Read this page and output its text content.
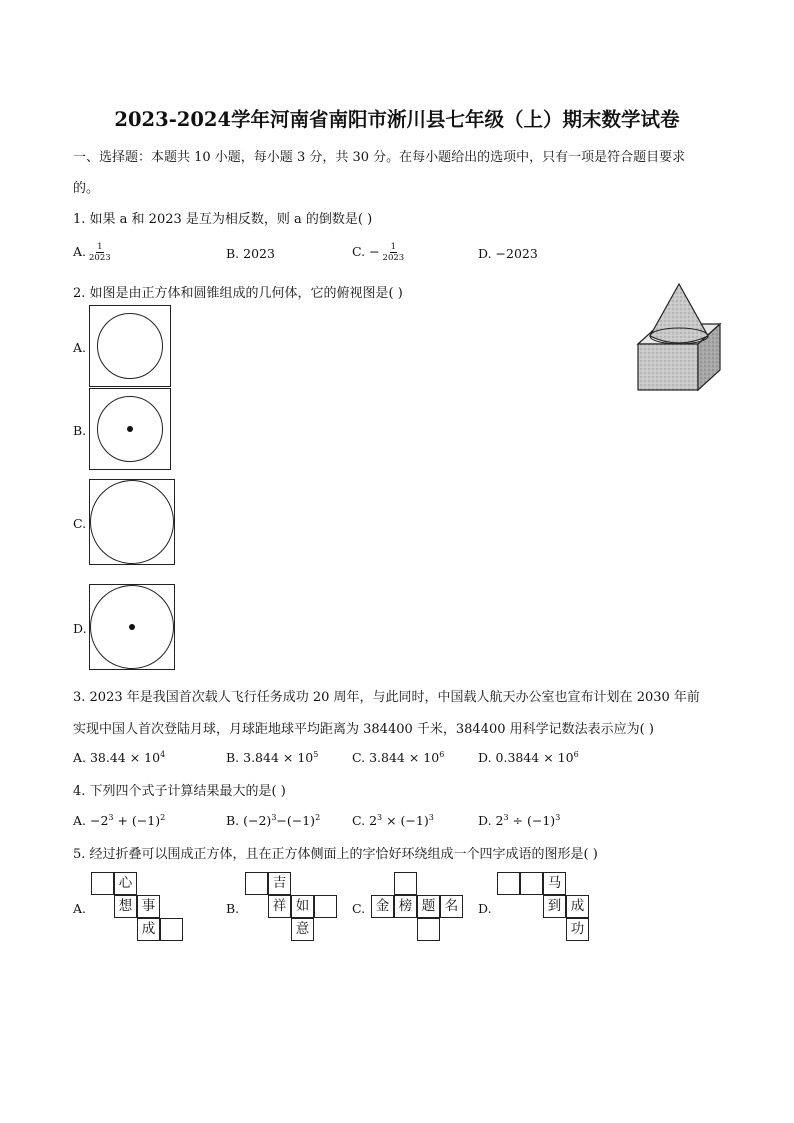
2023-2024学年河南省南阳市淅川县七年级（上）期末数学试卷
一、选择题：本题共 10 小题，每小题 3 分，共 30 分。在每小题给出的选项中，只有一项是符合题目要求
的。
1. 如果 a 和 2023 是互为相反数，则 a 的倒数是( )
A. $\frac{1}{2023}$	B. 2023	C. − $\frac{1}{2023}$	D. −2023
2. 如图是由正方体和圆锥组成的几何体，它的俯视图是( )
A.
B.
C.
D.
3. 2023 年是我国首次载人飞行任务成功 20 周年，与此同时，中国载人航天办公室也宣布计划在 2030 年前
实现中国人首次登陆月球，月球距地球平均距离为 384400 千米，384400 用科学记数法表示应为( )
A. $38.44 \times 10^4$	B. $3.844 \times 10^5$	C. $3.844 \times 10^6$	D. $0.3844 \times 10^6$
4. 下列四个式子计算结果最大的是( )
A. $-2^3 + (-1)^2$	B. $(-2)^3-(-1)^2$	C. $2^3 \times (-1)^3$	D. $2^3 \div (-1)^3$
5. 经过折叠可以围成正方体，且在正方体侧面上的字恰好环绕组成一个四字成语的图形是( )
A.
心
想 事
成
B.
吉
祥 如
意
C. 金 榜 题 名	D.
马
到 成
功
